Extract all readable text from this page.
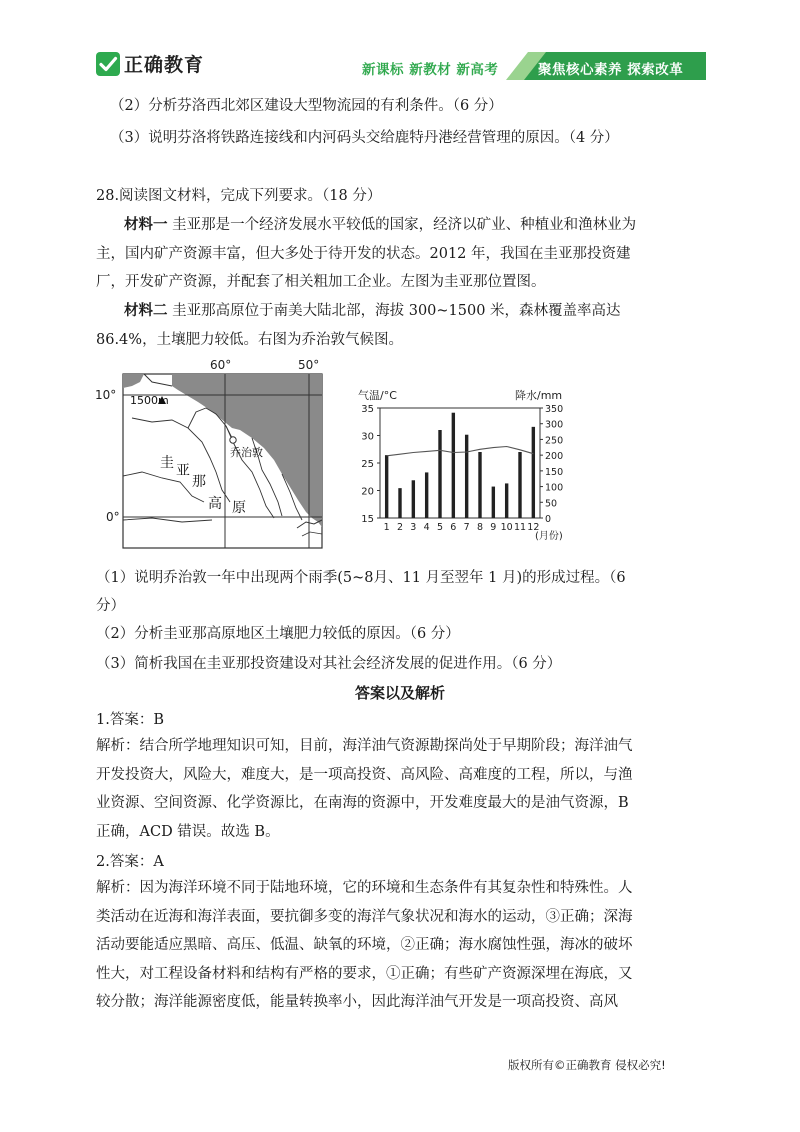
正确教育	新课标 新教材 新高考	聚焦核心素养 探索改革
（2）分析芬洛西北郊区建设大型物流园的有利条件。（6 分）
（3）说明芬洛将铁路连接线和内河码头交给鹿特丹港经营管理的原因。（4 分）
28.阅读图文材料，完成下列要求。（18 分）
材料一 圭亚那是一个经济发展水平较低的国家，经济以矿业、种植业和渔林业为
主，国内矿产资源丰富，但大多处于待开发的状态。2012 年，我国在圭亚那投资建
厂，开发矿产资源，并配套了相关粗加工企业。左图为圭亚那位置图。
材料二 圭亚那高原位于南美大陆北部，海拔 300~1500 米，森林覆盖率高达
86.4%，土壤肥力较低。右图为乔治敦气候图。
60°	50°
10°
0°
1500m
乔治敦
圭 亚
那
高 原
气温/°C	降水/mm
(月份)
15
20
25
30
35
0
50
100
150
200
250
300
350
1 2 3 4 5 6 7 8 9 10 11 12
（1）说明乔治敦一年中出现两个雨季(5~8月、11 月至翌年 1 月)的形成过程。（6
分）
（2）分析圭亚那高原地区土壤肥力较低的原因。（6 分）
（3）简析我国在圭亚那投资建设对其社会经济发展的促进作用。（6 分）
答案以及解析
1.答案：B
解析：结合所学地理知识可知，目前，海洋油气资源勘探尚处于早期阶段；海洋油气
开发投资大，风险大，难度大，是一项高投资、高风险、高难度的工程，所以，与渔
业资源、空间资源、化学资源比，在南海的资源中，开发难度最大的是油气资源，B
正确，ACD 错误。故选 B。
2.答案：A
解析：因为海洋环境不同于陆地环境，它的环境和生态条件有其复杂性和特殊性。人
类活动在近海和海洋表面，要抗御多变的海洋气象状况和海水的运动，③正确；深海
活动要能适应黑暗、高压、低温、缺氧的环境，②正确；海水腐蚀性强，海冰的破坏
性大，对工程设备材料和结构有严格的要求，①正确；有些矿产资源深埋在海底，又
较分散；海洋能源密度低，能量转换率小，因此海洋油气开发是一项高投资、高风
版权所有©正确教育 侵权必究!
